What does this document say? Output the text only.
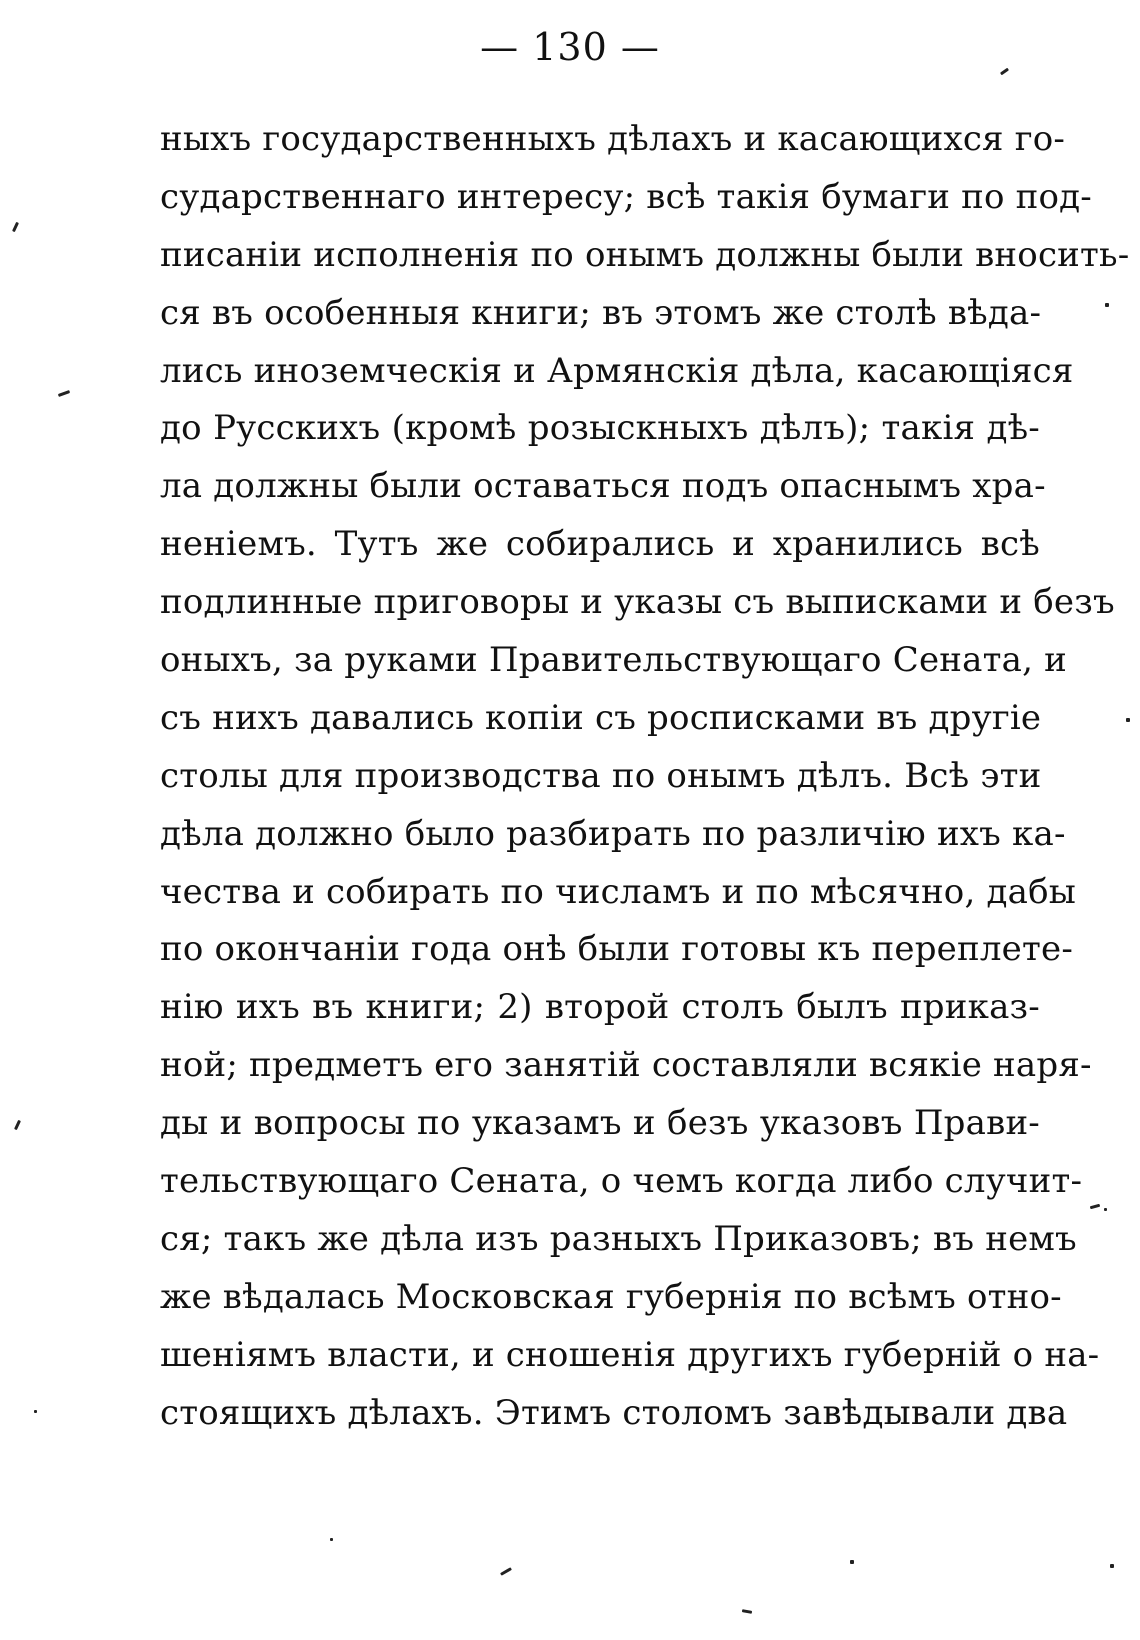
— 130 —
ныхъ государственныхъ дѣлахъ и касающихся го-
сударственнаго интересу; всѣ такія бумаги по под-
писаніи исполненія по онымъ должны были вносить-
ся въ особенныя книги; въ этомъ же столѣ вѣда-
лись иноземческія и Армянскія дѣла, касающіяся
до Русскихъ (кромѣ розыскныхъ дѣлъ); такія дѣ-
ла должны были оставаться подъ опаснымъ хра-
неніемъ. Тутъ же собирались и хранились всѣ
подлинные приговоры и указы съ выписками и безъ
оныхъ, за руками Правительствующаго Сената, и
съ нихъ давались копіи съ росписками въ другіе
столы для производства по онымъ дѣлъ. Всѣ эти
дѣла должно было разбирать по различію ихъ ка-
чества и собирать по числамъ и по мѣсячно, дабы
по окончаніи года онѣ были готовы къ переплете-
нію ихъ въ книги; 2) второй столъ былъ приказ-
ной; предметъ его занятій составляли всякіе наря-
ды и вопросы по указамъ и безъ указовъ Прави-
тельствующаго Сената, о чемъ когда либо случит-
ся; такъ же дѣла изъ разныхъ Приказовъ; въ немъ
же вѣдалась Московская губернія по всѣмъ отно-
шеніямъ власти, и сношенія другихъ губерній о на-
стоящихъ дѣлахъ. Этимъ столомъ завѣдывали два
